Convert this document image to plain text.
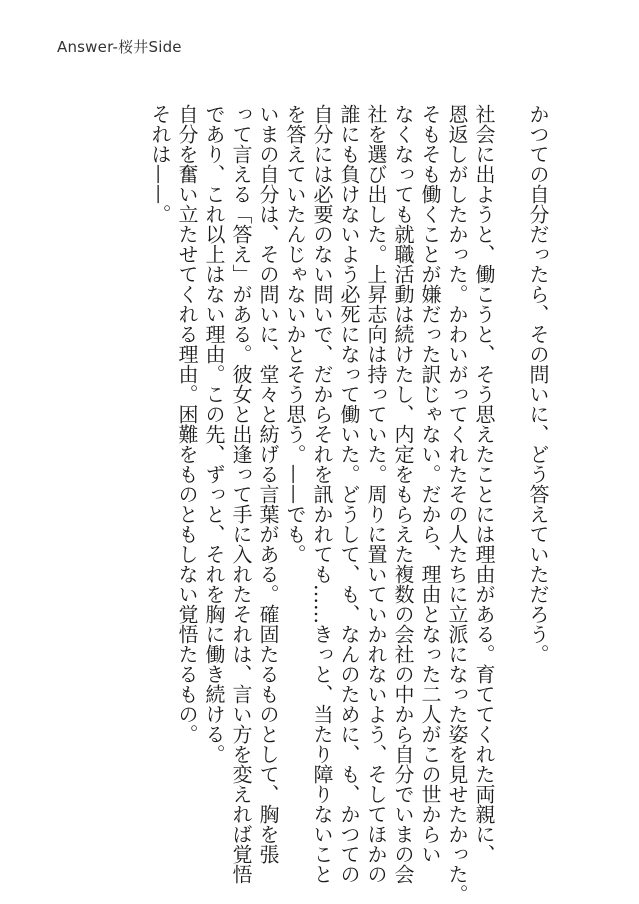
Answer-桜井Side
かつての自分だったら、その問いに、どう答えていただろう。
社会に出ようと、働こうと、そう思えたことには理由がある。育ててくれた両親に、
恩返しがしたかった。かわいがってくれたその人たちに立派になった姿を見せたかった。
そもそも働くことが嫌だった訳じゃない。だから、理由となった二人がこの世からい
なくなっても就職活動は続けたし、内定をもらえた複数の会社の中から自分でいまの会
社を選び出した。上昇志向は持っていた。周りに置いていかれないよう、そしてほかの
誰にも負けないよう必死になって働いた。どうして、も、なんのために、も、かつての
自分には必要のない問いで、だからそれを訊かれても……きっと、当たり障りないこと
を答えていたんじゃないかとそう思う。——でも。
いまの自分は、その問いに、堂々と紡げる言葉がある。確固たるものとして、胸を張
って言える「答え」がある。彼女と出逢って手に入れたそれは、言い方を変えれば覚悟
であり、これ以上はない理由。この先、ずっと、それを胸に働き続ける。
自分を奮い立たせてくれる理由。困難をものともしない覚悟たるもの。
それは——。
